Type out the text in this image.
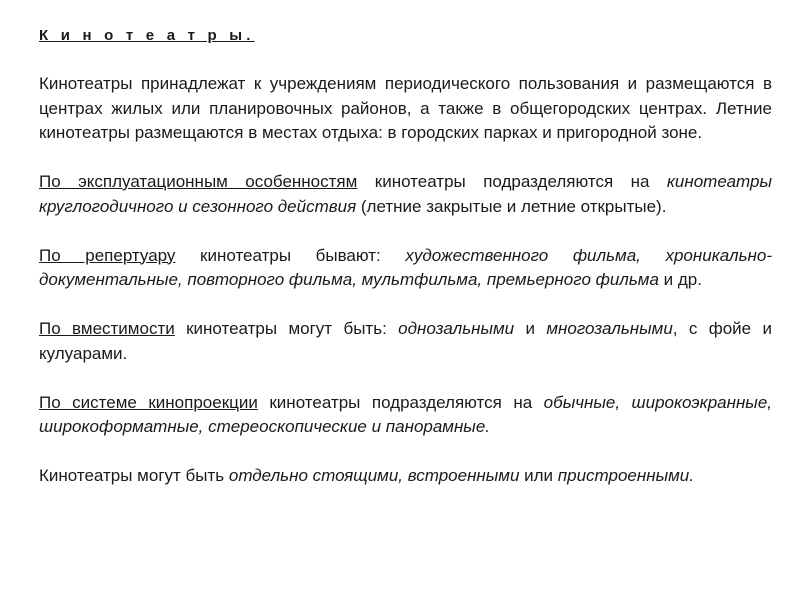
К и н о т е а т р ы.

Кинотеатры принадлежат к учреждениям периодического пользования и размещаются в центрах жилых или планировочных районов, а также в общегородских центрах. Летние кинотеатры размещаются в местах отдыха: в городских парках и пригородной зоне.

По эксплуатационным особенностям кинотеатры подразделяются на кинотеатры круглогодичного и сезонного действия (летние закрытые и летние открытые).

По репертуару кинотеатры бывают: художественного фильма, хроникально-документальные, повторного фильма, мультфильма, премьерного фильма и др.

По вместимости кинотеатры могут быть: однозальными и многозальными, с фойе и кулуарами.

По системе кинопроекции кинотеатры подразделяются на обычные, широкоэкранные, широкоформатные, стереоскопические и панорамные.

Кинотеатры могут быть отдельно стоящими, встроенными или пристроенными.
